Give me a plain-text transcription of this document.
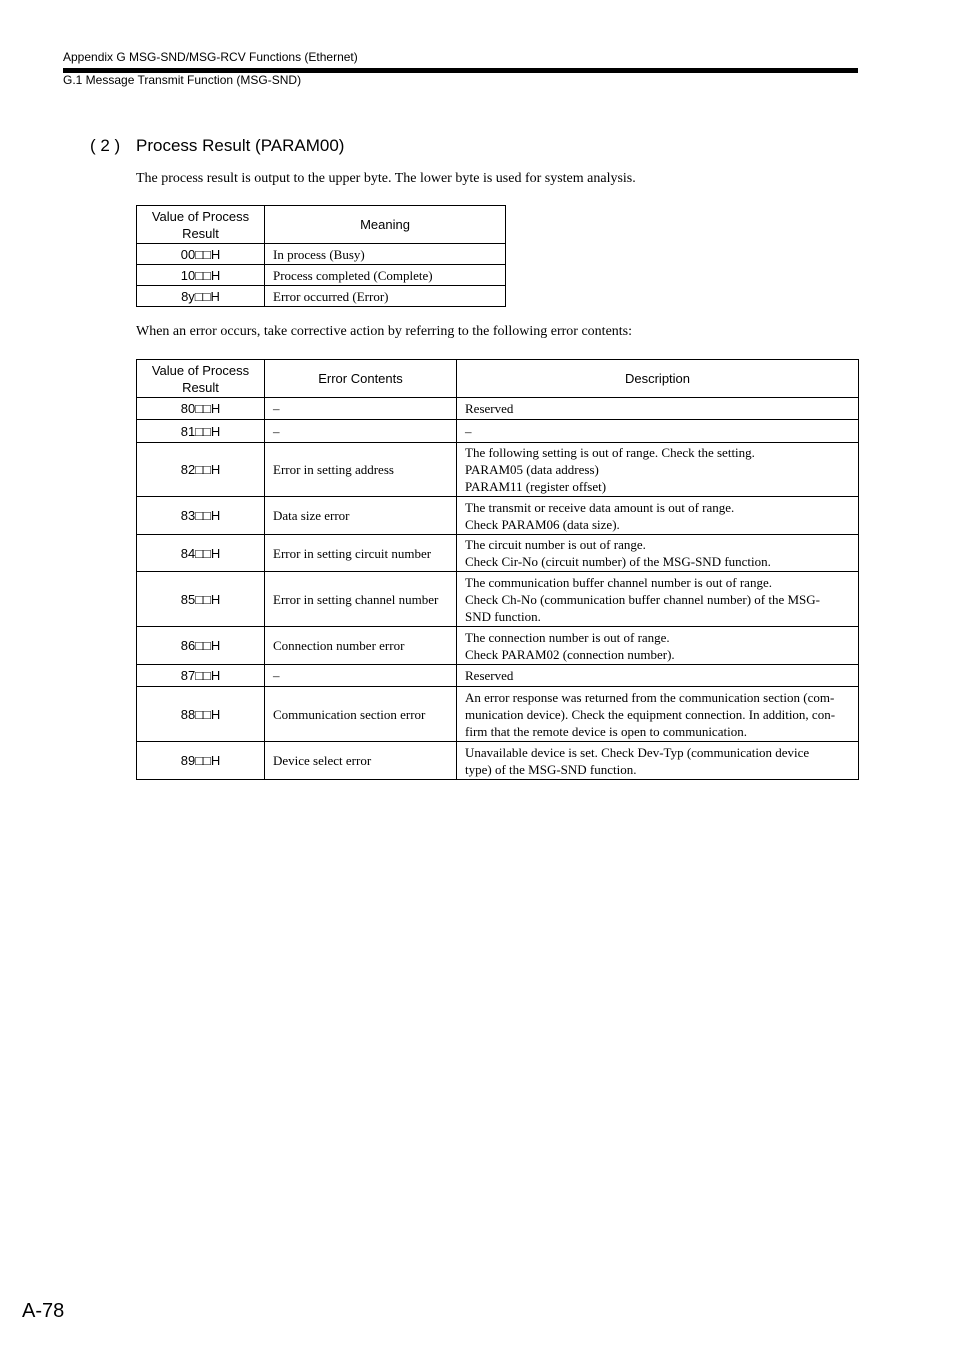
Appendix G MSG-SND/MSG-RCV Functions (Ethernet)
G.1 Message Transmit Function (MSG-SND)
( 2 ) Process Result (PARAM00)
The process result is output to the upper byte. The lower byte is used for system analysis.
Value of Process Result	Meaning
00□□H	In process (Busy)
10□□H	Process completed (Complete)
8y□□H	Error occurred (Error)
When an error occurs, take corrective action by referring to the following error contents:
Value of Process Result	Error Contents	Description
80□□H	–	Reserved

81□□H	–	–

82□□H	Error in setting address	The following setting is out of range. Check the setting.
PARAM05 (data address)
PARAM11 (register offset)

83□□H	Data size error	The transmit or receive data amount is out of range.
Check PARAM06 (data size).

84□□H	Error in setting circuit number	The circuit number is out of range.
Check Cir-No (circuit number) of the MSG-SND function.

85□□H	Error in setting channel number	The communication buffer channel number is out of range.
Check Ch-No (communication buffer channel number) of the MSG-
SND function.

86□□H	Connection number error	The connection number is out of range.
Check PARAM02 (connection number).

87□□H	–	Reserved

88□□H	Communication section error	An error response was returned from the communication section (com-
munication device). Check the equipment connection. In addition, con-
firm that the remote device is open to communication.

89□□H	Device select error	Unavailable device is set. Check Dev-Typ (communication device
type) of the MSG-SND function.
A-78
